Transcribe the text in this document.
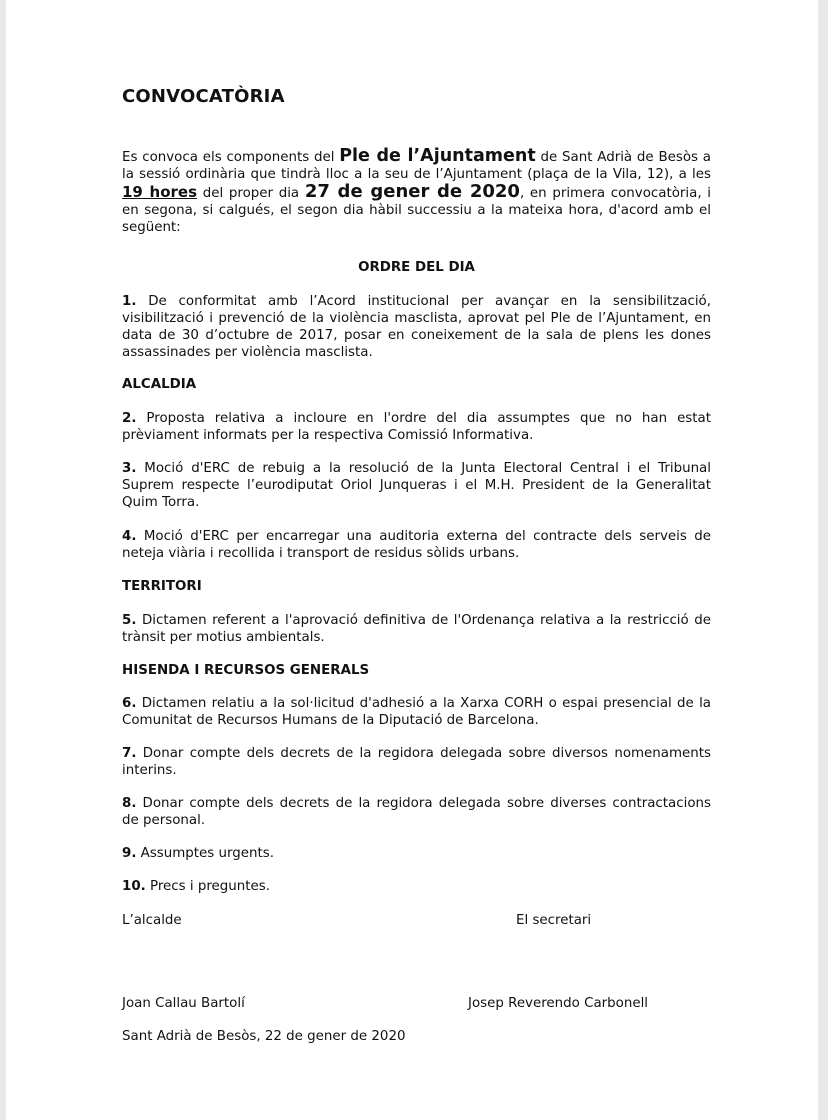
CONVOCATÒRIA
Es convoca els components del Ple de l’Ajuntament de Sant Adrià de Besòs a la sessió ordinària que tindrà lloc a la seu de l’Ajuntament (plaça de la Vila, 12), a les 19 hores del proper dia 27 de gener de 2020, en primera convocatòria, i en segona, si calgués, el segon dia hàbil successiu a la mateixa hora, d'acord amb el següent:
ORDRE DEL DIA
1. De conformitat amb l’Acord institucional per avançar en la sensibilització, visibilització i prevenció de la violència masclista, aprovat pel Ple de l’Ajuntament, en data de 30 d’octubre de 2017, posar en coneixement de la sala de plens les dones assassinades per violència masclista.
ALCALDIA
2. Proposta relativa a incloure en l'ordre del dia assumptes que no han estat prèviament informats per la respectiva Comissió Informativa.
3. Moció d'ERC de rebuig a la resolució de la Junta Electoral Central i el Tribunal Suprem respecte l’eurodiputat Oriol Junqueras i el M.H. President de la Generalitat Quim Torra.
4. Moció d'ERC per encarregar una auditoria externa del contracte dels serveis de neteja viària i recollida i transport de residus sòlids urbans.
TERRITORI
5. Dictamen referent a l'aprovació definitiva de l'Ordenança relativa a la restricció de trànsit per motius ambientals.
HISENDA I RECURSOS GENERALS
6. Dictamen relatiu a la sol·licitud d'adhesió a la Xarxa CORH o espai presencial de la Comunitat de Recursos Humans de la Diputació de Barcelona.
7. Donar compte dels decrets de la regidora delegada sobre diversos nomenaments interins.
8. Donar compte dels decrets de la regidora delegada sobre diverses contractacions de personal.
9. Assumptes urgents.
10. Precs i preguntes.
L’alcalde	El secretari
Joan Callau Bartolí	Josep Reverendo Carbonell
Sant Adrià de Besòs, 22 de gener de 2020
